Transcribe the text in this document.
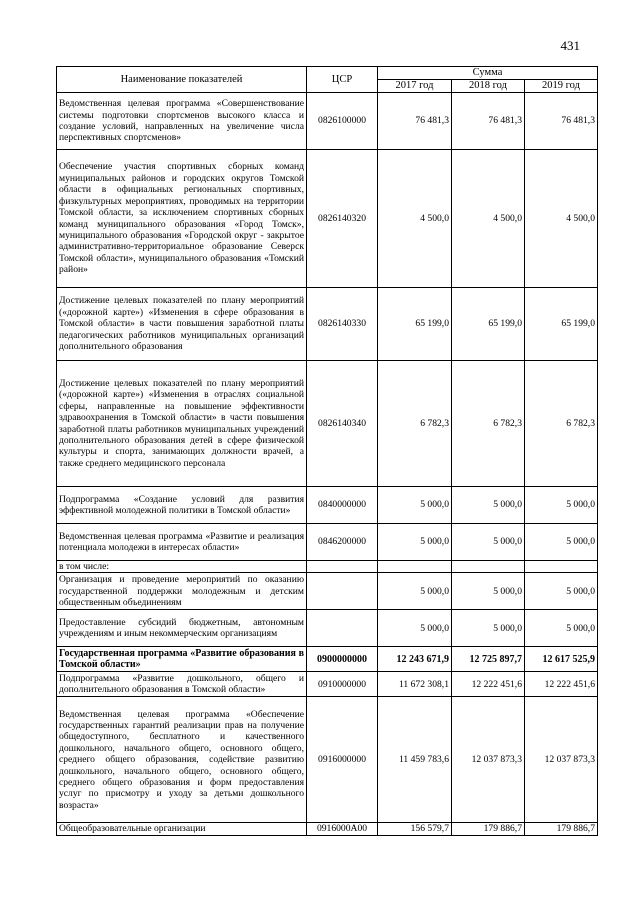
431
Наименование показателей	ЦСР	Сумма		
		2017 год	2018 год	2019 год
Ведомственная целевая программа «Совершенствование системы подготовки спортсменов высокого класса и создание условий, направленных на увеличение числа перспективных спортсменов»	0826100000	76 481,3	76 481,3	76 481,3
Обеспечение участия спортивных сборных команд муниципальных районов и городских округов Томской области в официальных региональных спортивных, физкультурных мероприятиях, проводимых на территории Томской области, за исключением спортивных сборных команд муниципального образования «Город Томск», муниципального образования «Городской округ - закрытое административно-территориальное образование Северск Томской области», муниципального образования «Томский район»	0826140320	4 500,0	4 500,0	4 500,0
Достижение целевых показателей по плану мероприятий («дорожной карте») «Изменения в сфере образования в Томской области» в части повышения заработной платы педагогических работников муниципальных организаций дополнительного образования	0826140330	65 199,0	65 199,0	65 199,0
Достижение целевых показателей по плану мероприятий («дорожной карте») «Изменения в отраслях социальной сферы, направленные на повышение эффективности здравоохранения в Томской области» в части повышения заработной платы работников муниципальных учреждений дополнительного образования детей в сфере физической культуры и спорта, занимающих должности врачей, а также среднего медицинского персонала	0826140340	6 782,3	6 782,3	6 782,3
Подпрограмма «Создание условий для развития эффективной молодежной политики в Томской области»	0840000000	5 000,0	5 000,0	5 000,0
Ведомственная целевая программа «Развитие и реализация потенциала молодежи в интересах области»	0846200000	5 000,0	5 000,0	5 000,0
в том числе:				
Организация и проведение мероприятий по оказанию государственной поддержки молодежным и детским общественным объединениям		5 000,0	5 000,0	5 000,0
Предоставление субсидий бюджетным, автономным учреждениям и иным некоммерческим организациям		5 000,0	5 000,0	5 000,0
Государственная программа «Развитие образования в Томской области»	0900000000	12 243 671,9	12 725 897,7	12 617 525,9
Подпрограмма «Развитие дошкольного, общего и дополнительного образования в Томской области»	0910000000	11 672 308,1	12 222 451,6	12 222 451,6
Ведомственная целевая программа «Обеспечение государственных гарантий реализации прав на получение общедоступного, бесплатного и качественного дошкольного, начального общего, основного общего, среднего общего образования, содействие развитию дошкольного, начального общего, основного общего, среднего общего образования и форм предоставления услуг по присмотру и уходу за детьми дошкольного возраста»	0916000000	11 459 783,6	12 037 873,3	12 037 873,3
Общеобразовательные организации	0916000А00	156 579,7	179 886,7	179 886,7
